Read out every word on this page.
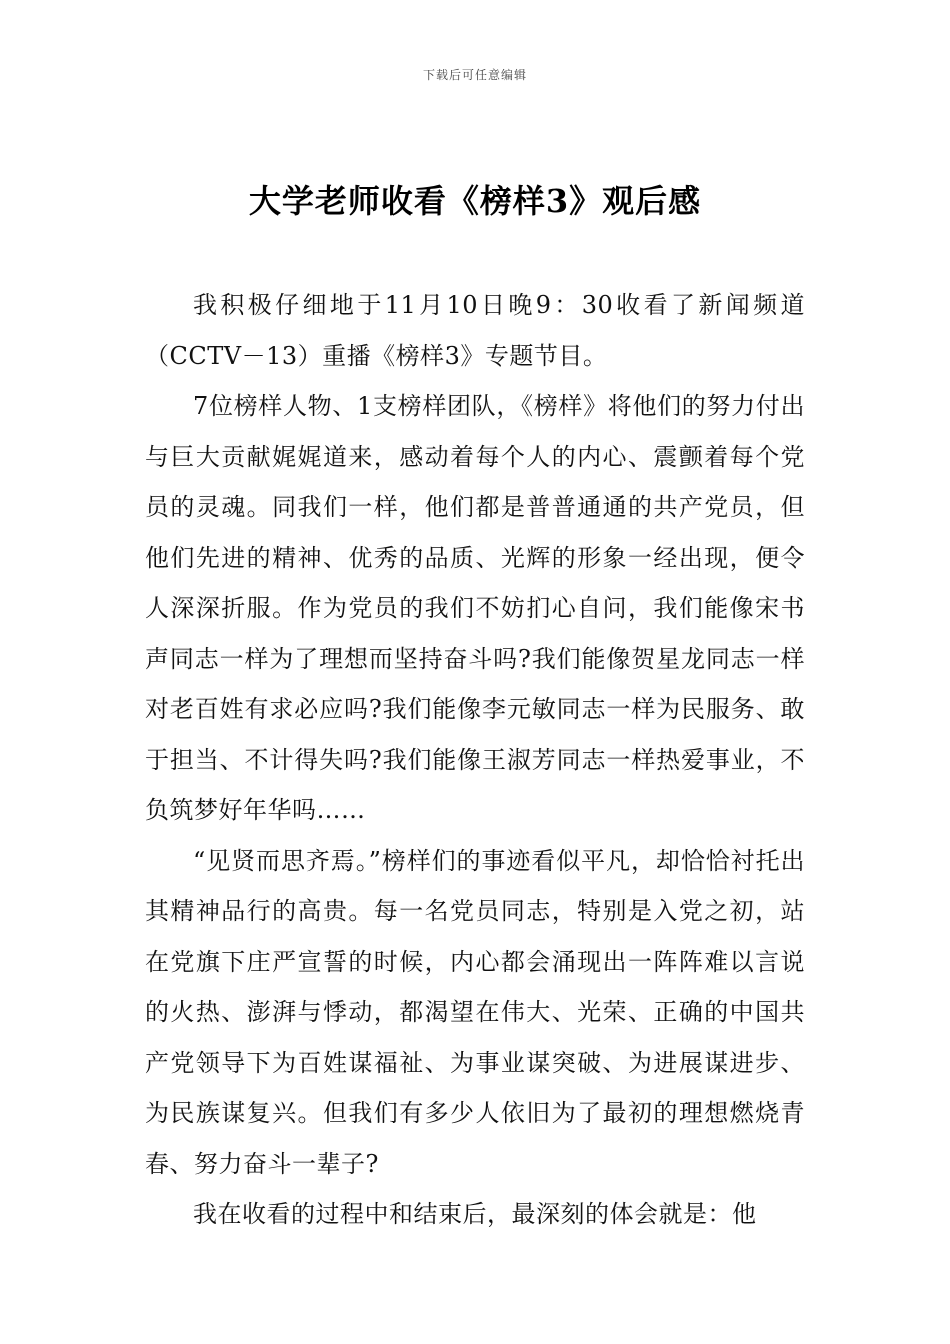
下载后可任意编辑
大学老师收看《榜样3》观后感

我积极仔细地于11月10日晚9：30收看了新闻频道（CCTV－13）重播《榜样3》专题节目。

7位榜样人物、1支榜样团队，《榜样》将他们的努力付出与巨大贡献娓娓道来，感动着每个人的内心、震颤着每个党员的灵魂。同我们一样，他们都是普普通通的共产党员，但他们先进的精神、优秀的品质、光辉的形象一经出现，便令人深深折服。作为党员的我们不妨扪心自问，我们能像宋书声同志一样为了理想而坚持奋斗吗?我们能像贺星龙同志一样对老百姓有求必应吗?我们能像李元敏同志一样为民服务、敢于担当、不计得失吗?我们能像王淑芳同志一样热爱事业，不负筑梦好年华吗……

“见贤而思齐焉。”榜样们的事迹看似平凡，却恰恰衬托出其精神品行的高贵。每一名党员同志，特别是入党之初，站在党旗下庄严宣誓的时候，内心都会涌现出一阵阵难以言说的火热、澎湃与悸动，都渴望在伟大、光荣、正确的中国共产党领导下为百姓谋福祉、为事业谋突破、为进展谋进步、为民族谋复兴。但我们有多少人依旧为了最初的理想燃烧青春、努力奋斗一辈子?

我在收看的过程中和结束后，最深刻的体会就是：他
